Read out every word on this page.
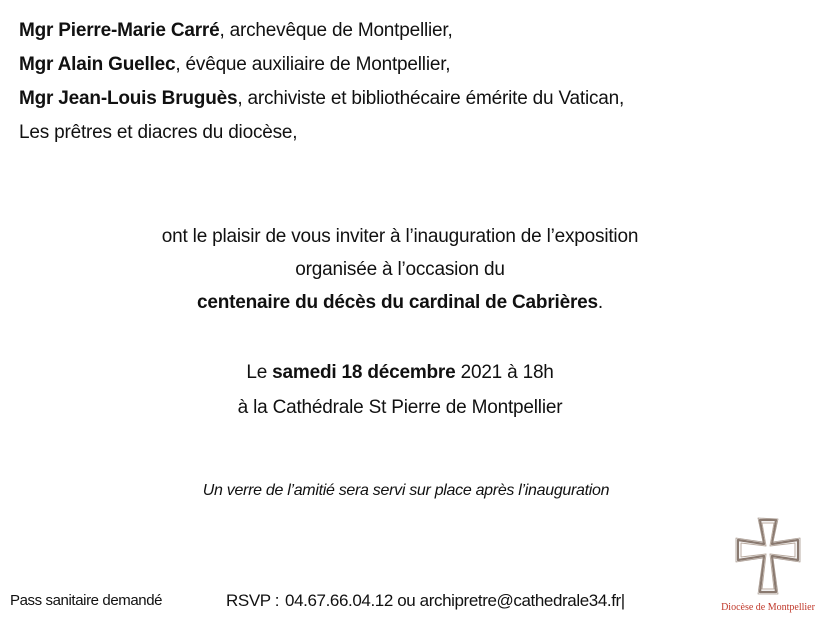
Mgr Pierre-Marie Carré, archevêque de Montpellier,
Mgr Alain Guellec, évêque auxiliaire de Montpellier,
Mgr Jean-Louis Bruguès, archiviste et bibliothécaire émérite du Vatican,
Les prêtres et diacres du diocèse,
ont le plaisir de vous inviter à l’inauguration de l’exposition
organisée à l’occasion du
centenaire du décès du cardinal de Cabrières.
Le samedi 18 décembre 2021 à 18h
à la Cathédrale St Pierre de Montpellier
Un verre de l’amitié sera servi sur place après l’inauguration
Pass sanitaire demandé	RSVP : 04.67.66.04.12 ou archipretre@cathedrale34.fr|	Diocèse de Montpellier
